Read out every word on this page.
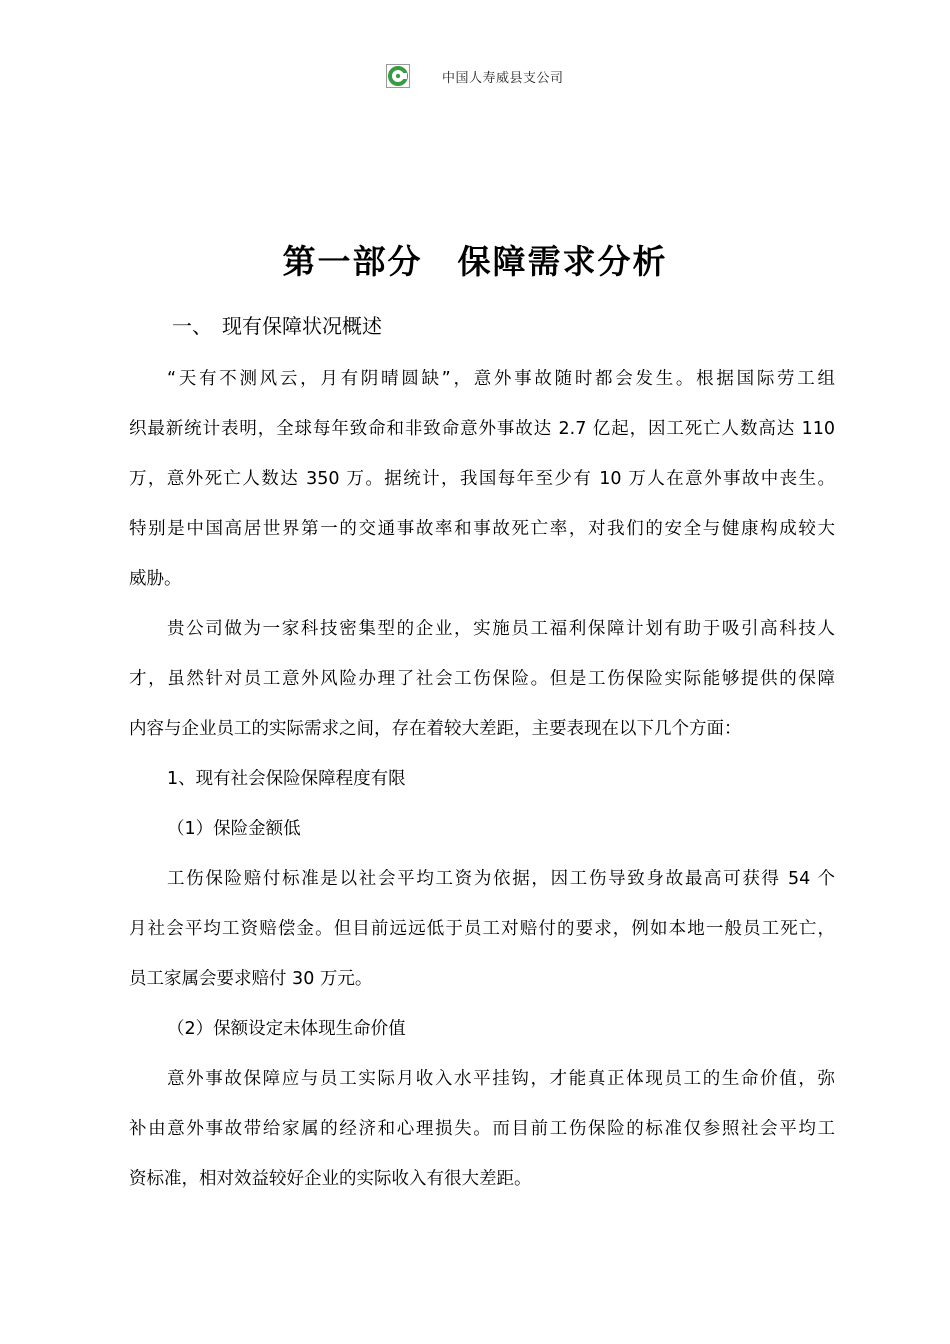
中国人寿威县支公司
第一部分　保障需求分析
一、　现有保障状况概述
“天有不测风云，月有阴晴圆缺”，意外事故随时都会发生。根据国际劳工组
织最新统计表明，全球每年致命和非致命意外事故达 2.7 亿起，因工死亡人数高达 110
万，意外死亡人数达 350 万。据统计，我国每年至少有 10 万人在意外事故中丧生。
特别是中国高居世界第一的交通事故率和事故死亡率，对我们的安全与健康构成较大
威胁。
贵公司做为一家科技密集型的企业，实施员工福利保障计划有助于吸引高科技人
才，虽然针对员工意外风险办理了社会工伤保险。但是工伤保险实际能够提供的保障
内容与企业员工的实际需求之间，存在着较大差距，主要表现在以下几个方面：
1、现有社会保险保障程度有限
（1）保险金额低
工伤保险赔付标准是以社会平均工资为依据，因工伤导致身故最高可获得 54 个
月社会平均工资赔偿金。但目前远远低于员工对赔付的要求，例如本地一般员工死亡，
员工家属会要求赔付 30 万元。
（2）保额设定未体现生命价值
意外事故保障应与员工实际月收入水平挂钩，才能真正体现员工的生命价值，弥
补由意外事故带给家属的经济和心理损失。而目前工伤保险的标准仅参照社会平均工
资标准，相对效益较好企业的实际收入有很大差距。
